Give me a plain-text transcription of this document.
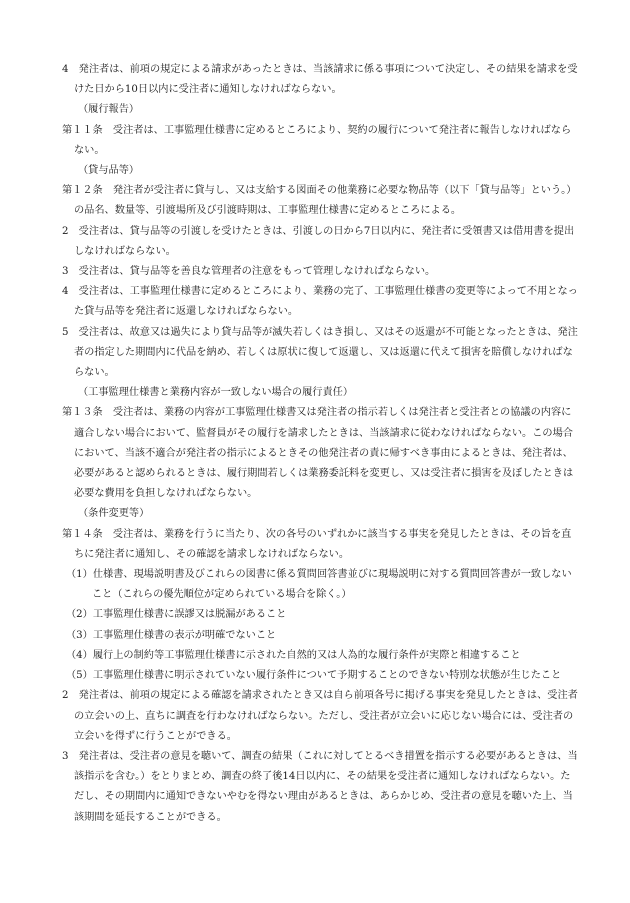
4　発注者は、前項の規定による請求があったときは、当該請求に係る事項について決定し、その結果を請求を受けた日から10日以内に受注者に通知しなければならない。

（履行報告）

第１１条　受注者は、工事監理仕様書に定めるところにより、契約の履行について発注者に報告しなければならない。

（貸与品等）

第１２条　発注者が受注者に貸与し、又は支給する図面その他業務に必要な物品等（以下「貸与品等」という。）の品名、数量等、引渡場所及び引渡時期は、工事監理仕様書に定めるところによる。

2　受注者は、貸与品等の引渡しを受けたときは、引渡しの日から7日以内に、発注者に受領書又は借用書を提出しなければならない。

3　受注者は、貸与品等を善良な管理者の注意をもって管理しなければならない。

4　受注者は、工事監理仕様書に定めるところにより、業務の完了、工事監理仕様書の変更等によって不用となった貸与品等を発注者に返還しなければならない。

5　受注者は、故意又は過失により貸与品等が滅失若しくはき損し、又はその返還が不可能となったときは、発注者の指定した期間内に代品を納め、若しくは原状に復して返還し、又は返還に代えて損害を賠償しなければならない。

（工事監理仕様書と業務内容が一致しない場合の履行責任）

第１３条　受注者は、業務の内容が工事監理仕様書又は発注者の指示若しくは発注者と受注者との協議の内容に適合しない場合において、監督員がその履行を請求したときは、当該請求に従わなければならない。この場合において、当該不適合が発注者の指示によるときその他発注者の責に帰すべき事由によるときは、発注者は、必要があると認められるときは、履行期間若しくは業務委託料を変更し、又は受注者に損害を及ぼしたときは必要な費用を負担しなければならない。

（条件変更等）

第１４条　受注者は、業務を行うに当たり、次の各号のいずれかに該当する事実を発見したときは、その旨を直ちに発注者に通知し、その確認を請求しなければならない。

（1）仕様書、現場説明書及びこれらの図書に係る質問回答書並びに現場説明に対する質問回答書が一致しないこと（これらの優先順位が定められている場合を除く。）

（2）工事監理仕様書に誤謬又は脱漏があること

（3）工事監理仕様書の表示が明確でないこと

（4）履行上の制約等工事監理仕様書に示された自然的又は人為的な履行条件が実際と相違すること

（5）工事監理仕様書に明示されていない履行条件について予期することのできない特別な状態が生じたこと

2　発注者は、前項の規定による確認を請求されたとき又は自ら前項各号に掲げる事実を発見したときは、受注者の立会いの上、直ちに調査を行わなければならない。ただし、受注者が立会いに応じない場合には、受注者の立会いを得ずに行うことができる。

3　発注者は、受注者の意見を聴いて、調査の結果（これに対してとるべき措置を指示する必要があるときは、当該指示を含む。）をとりまとめ、調査の終了後14日以内に、その結果を受注者に通知しなければならない。ただし、その期間内に通知できないやむを得ない理由があるときは、あらかじめ、受注者の意見を聴いた上、当該期間を延長することができる。
